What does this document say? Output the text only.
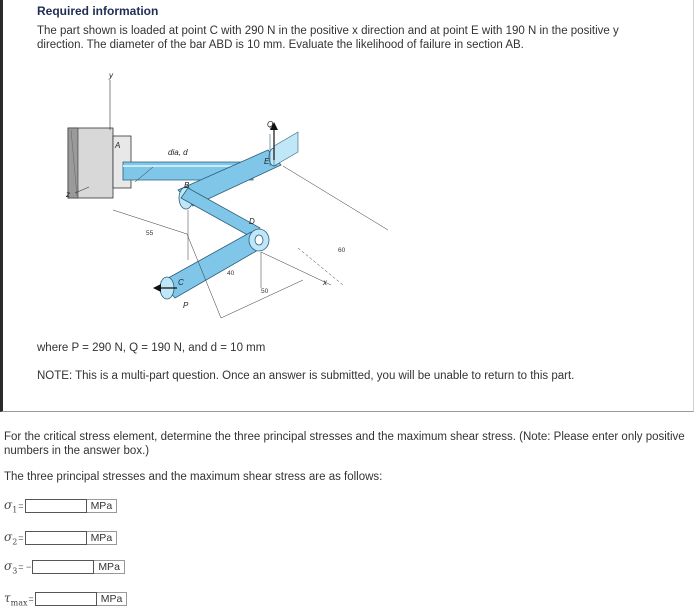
Required information
The part shown is loaded at point C with 290 N in the positive x direction and at point E with 190 N in the positive y direction. The diameter of the bar ABD is 10 mm. Evaluate the likelihood of failure in section AB.
y
z
55
40
50
60
A
B
C
D
E
P
Q
x
dia, d
where P = 290 N, Q = 190 N, and d = 10 mm
NOTE: This is a multi-part question. Once an answer is submitted, you will be unable to return to this part.
For the critical stress element, determine the three principal stresses and the maximum shear stress. (Note: Please enter only positive numbers in the answer box.)
The three principal stresses and the maximum shear stress are as follows:
$\sigma_1$ =	MPa
$\sigma_2$ =	MPa
$\sigma_3$ = −	MPa
$\tau_{max}$ =	MPa
